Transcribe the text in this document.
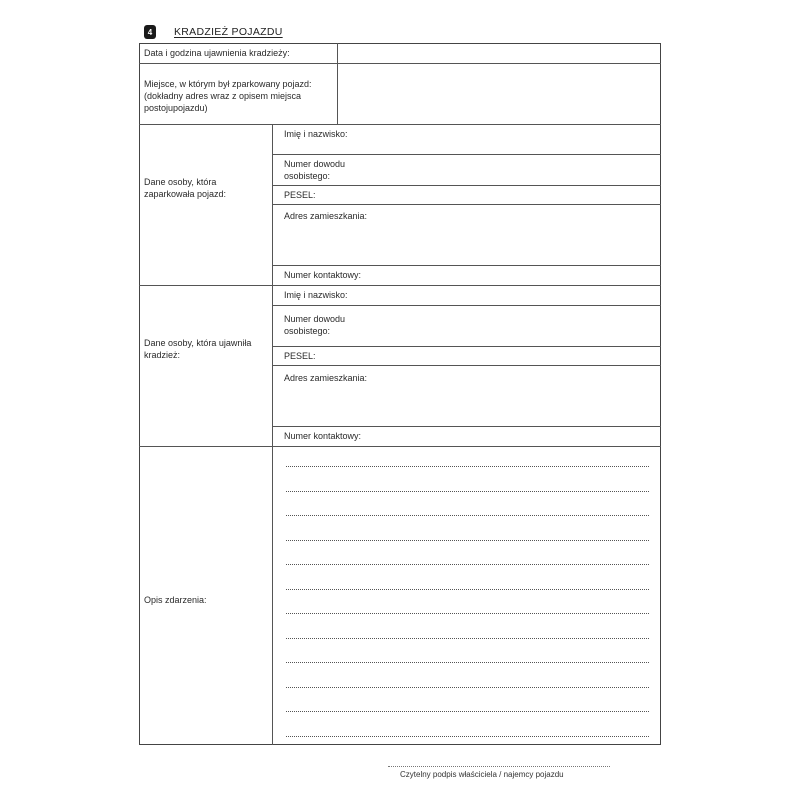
4	KRADZIEŻ POJAZDU
Data i godzina ujawnienia kradzieży:
Miejsce, w którym był zparkowany pojazd: (dokładny adres wraz z opisem miejsca postojupojazdu)
Dane osoby, która zaparkowała pojazd:
Imię i nazwisko:
Numer dowodu osobistego:
PESEL:
Adres zamieszkania:
Numer kontaktowy:
Dane osoby, która ujawniła kradzież:
Imię i nazwisko:
Numer dowodu osobistego:
PESEL:
Adres zamieszkania:
Numer kontaktowy:
Opis zdarzenia:
Czytelny podpis właściciela / najemcy pojazdu
